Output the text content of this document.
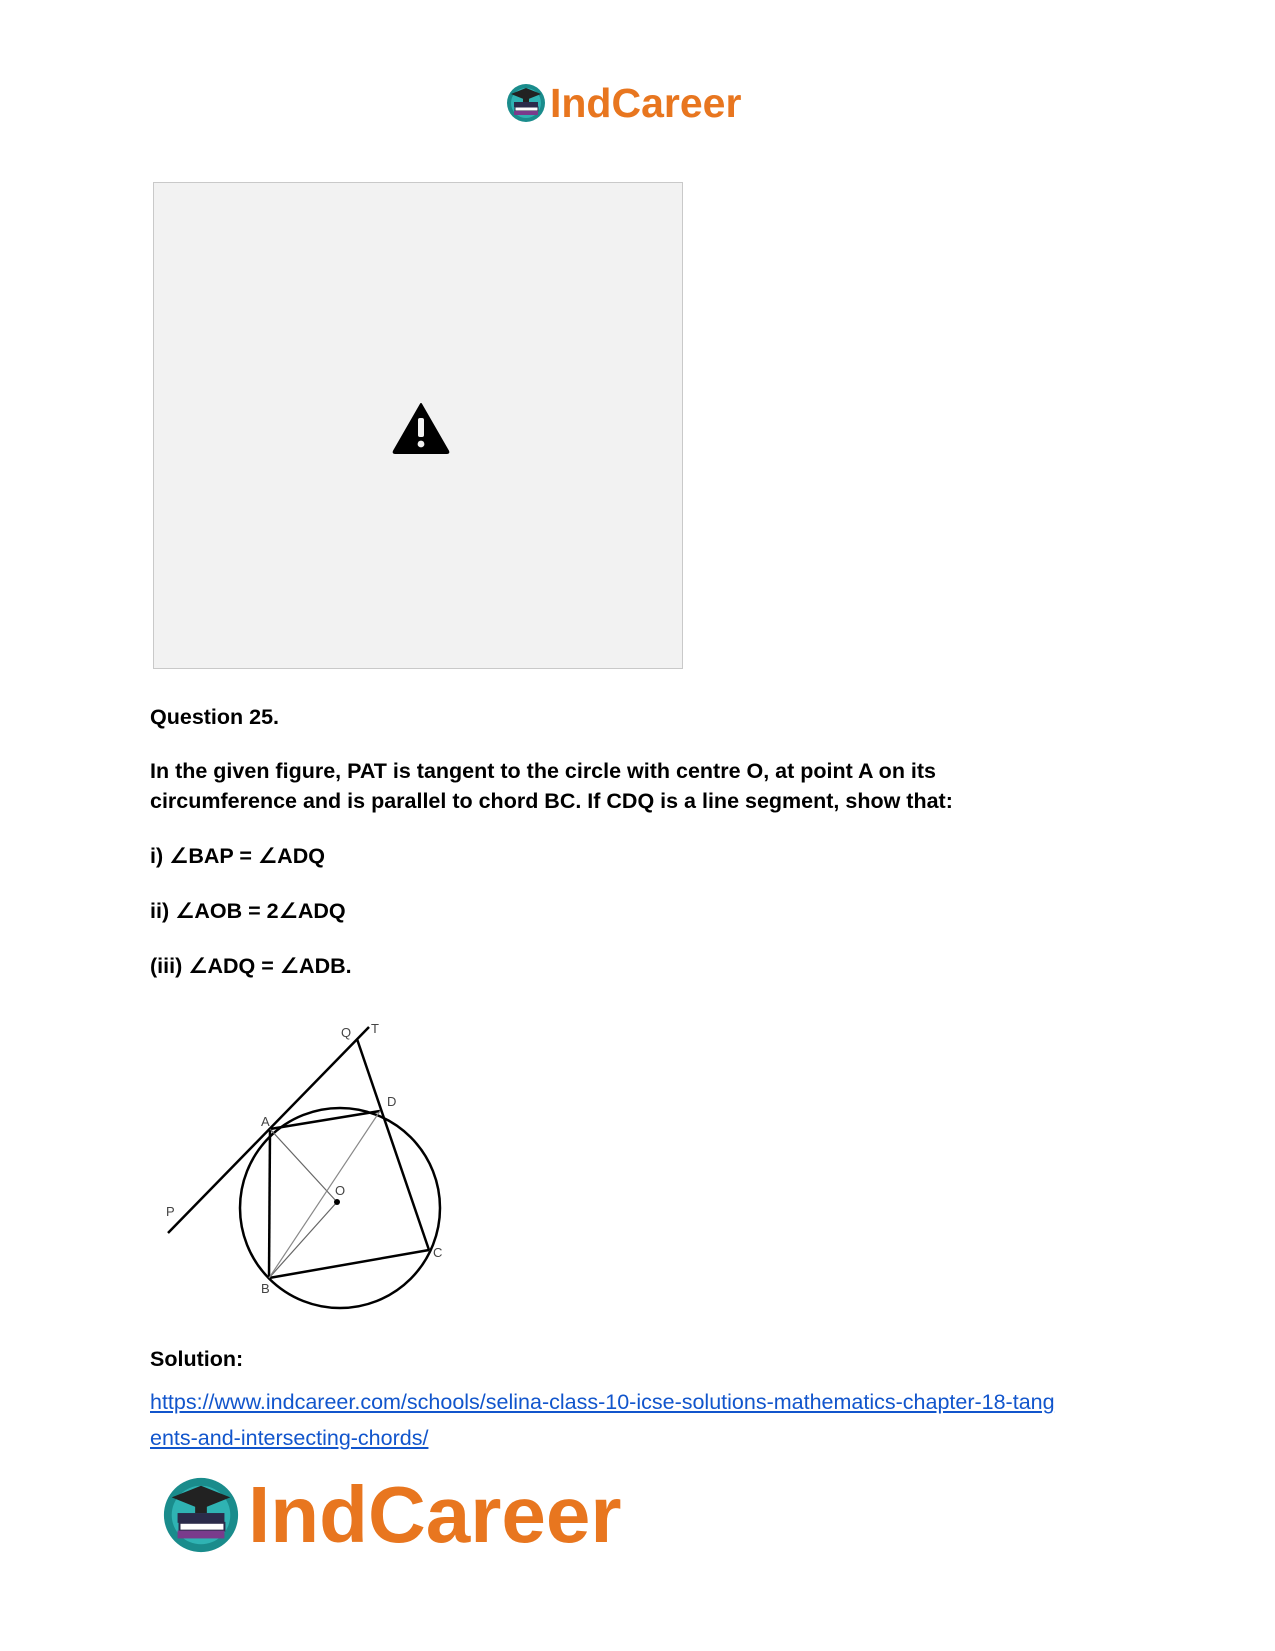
IndCareer
Question 25.
In the given figure, PAT is tangent to the circle with centre O, at point A on its
circumference and is parallel to chord BC. If CDQ is a line segment, show that:
i) ∠BAP = ∠ADQ
ii) ∠AOB = 2∠ADQ
(iii) ∠ADQ = ∠ADB.
Q T
D
A
O
P
C
B
Solution:
https://www.indcareer.com/schools/selina-class-10-icse-solutions-mathematics-chapter-18-tang
ents-and-intersecting-chords/
IndCareer
